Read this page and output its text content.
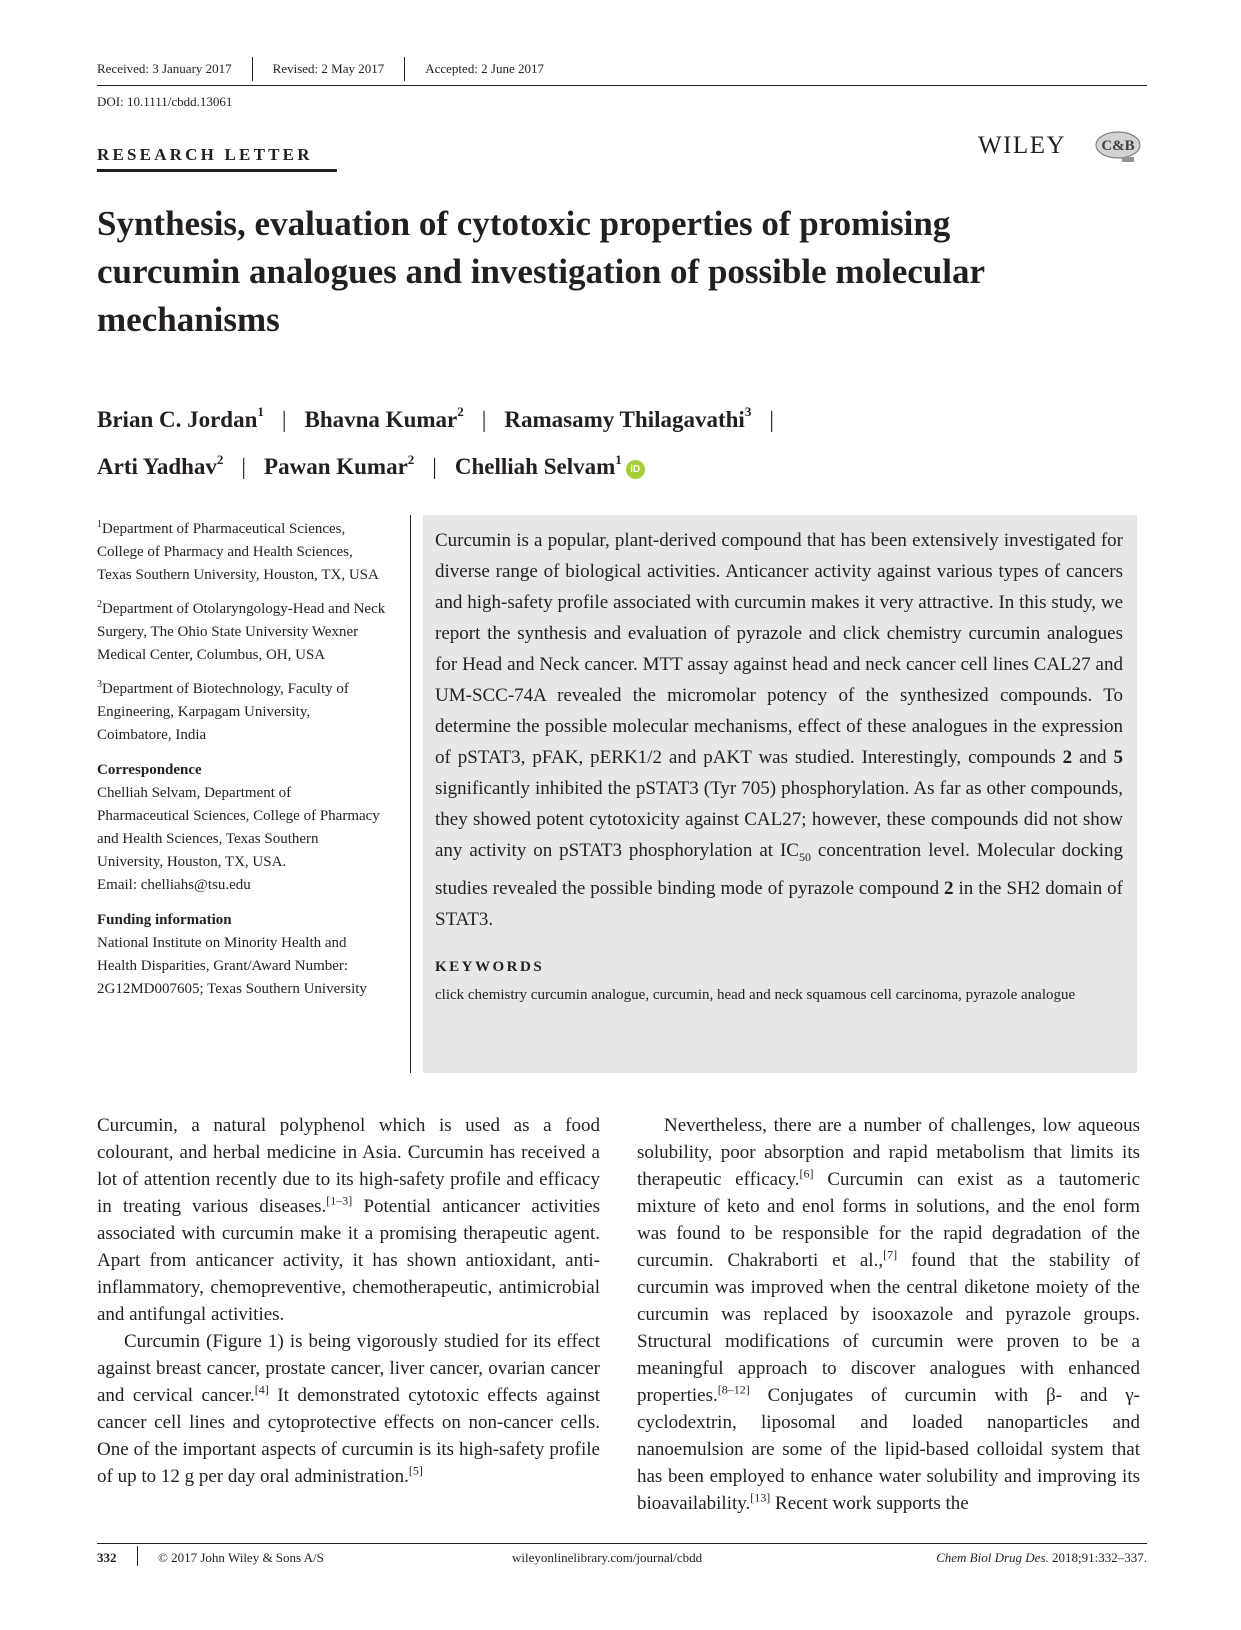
Received: 3 January 2017	Revised: 2 May 2017	Accepted: 2 June 2017
DOI: 10.1111/cbdd.13061
RESEARCH LETTER	WILEY C&B
Synthesis, evaluation of cytotoxic properties of promising curcumin analogues and investigation of possible molecular mechanisms
Brian C. Jordan$^1$ | Bhavna Kumar$^2$ | Ramasamy Thilagavathi$^3$ |
Arti Yadhav$^2$ | Pawan Kumar$^2$ | Chelliah Selvam$^1$iD
$^1$Department of Pharmaceutical Sciences, College of Pharmacy and Health Sciences, Texas Southern University, Houston, TX, USA
$^2$Department of Otolaryngology-Head and Neck Surgery, The Ohio State University Wexner Medical Center, Columbus, OH, USA
$^3$Department of Biotechnology, Faculty of Engineering, Karpagam University, Coimbatore, India
Correspondence
Chelliah Selvam, Department of Pharmaceutical Sciences, College of Pharmacy and Health Sciences, Texas Southern University, Houston, TX, USA.
Email: chelliahs@tsu.edu
Funding information
National Institute on Minority Health and Health Disparities, Grant/Award Number: 2G12MD007605; Texas Southern University

Curcumin is a popular, plant-derived compound that has been extensively investigated for diverse range of biological activities. Anticancer activity against various types of cancers and high-safety profile associated with curcumin makes it very attractive. In this study, we report the synthesis and evaluation of pyrazole and click chemistry curcumin analogues for Head and Neck cancer. MTT assay against head and neck cancer cell lines CAL27 and UM-SCC-74A revealed the micromolar potency of the synthesized compounds. To determine the possible molecular mechanisms, effect of these analogues in the expression of pSTAT3, pFAK, pERK1/2 and pAKT was studied. Interestingly, compounds 2 and 5 significantly inhibited the pSTAT3 (Tyr 705) phosphorylation. As far as other compounds, they showed potent cytotoxicity against CAL27; however, these compounds did not show any activity on pSTAT3 phosphorylation at $IC_{50}$ concentration level. Molecular docking studies revealed the possible binding mode of pyrazole compound 2 in the SH2 domain of STAT3.

KEYWORDS
click chemistry curcumin analogue, curcumin, head and neck squamous cell carcinoma, pyrazole analogue

Curcumin, a natural polyphenol which is used as a food colourant, and herbal medicine in Asia. Curcumin has received a lot of attention recently due to its high-safety profile and efficacy in treating various diseases.[1–3] Potential anticancer activities associated with curcumin make it a promising therapeutic agent. Apart from anticancer activity, it has shown antioxidant, anti-inflammatory, chemopreventive, chemotherapeutic, antimicrobial and antifungal activities.

Curcumin (Figure 1) is being vigorously studied for its effect against breast cancer, prostate cancer, liver cancer, ovarian cancer and cervical cancer.[4] It demonstrated cytotoxic effects against cancer cell lines and cytoprotective effects on non-cancer cells. One of the important aspects of curcumin is its high-safety profile of up to 12 g per day oral administration.[5]

Nevertheless, there are a number of challenges, low aqueous solubility, poor absorption and rapid metabolism that limits its therapeutic efficacy.[6] Curcumin can exist as a tautomeric mixture of keto and enol forms in solutions, and the enol form was found to be responsible for the rapid degradation of the curcumin. Chakraborti et al.,[7] found that the stability of curcumin was improved when the central diketone moiety of the curcumin was replaced by isooxazole and pyrazole groups. Structural modifications of curcumin were proven to be a meaningful approach to discover analogues with enhanced properties.[8–12] Conjugates of curcumin with β- and γ-cyclodextrin, liposomal and loaded nanoparticles and nanoemulsion are some of the lipid-based colloidal system that has been employed to enhance water solubility and improving its bioavailability.[13] Recent work supports the

332	© 2017 John Wiley & Sons A/S	wileyonlinelibrary.com/journal/cbdd	Chem Biol Drug Des. 2018;91:332–337.
